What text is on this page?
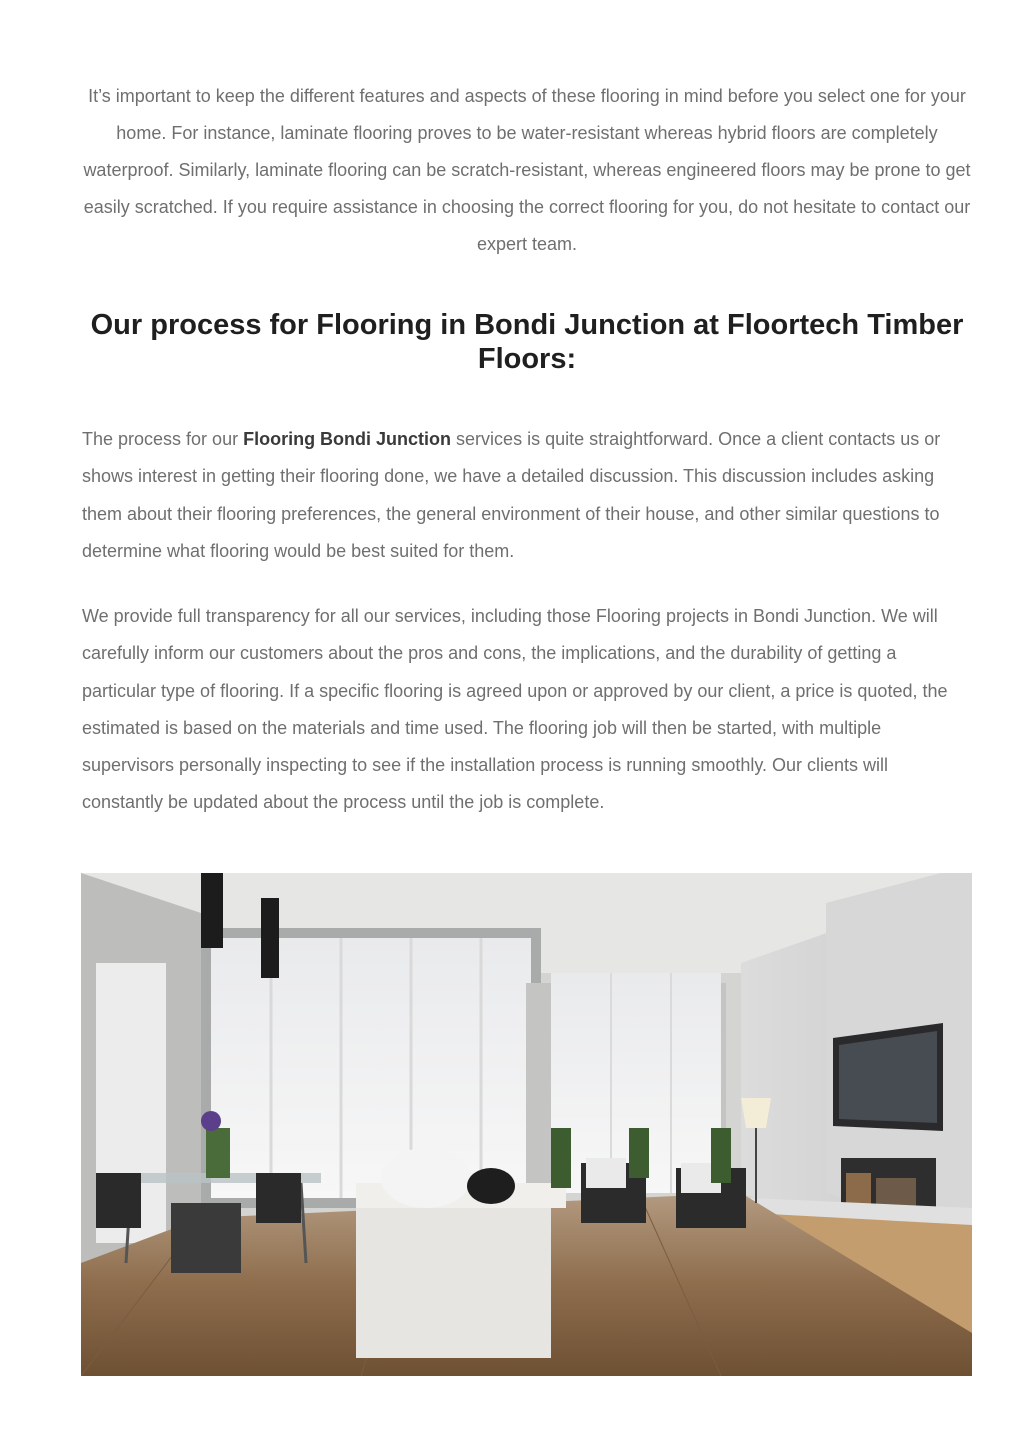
It’s important to keep the different features and aspects of these flooring in mind before you select one for your home. For instance, laminate flooring proves to be water-resistant whereas hybrid floors are completely waterproof. Similarly, laminate flooring can be scratch-resistant, whereas engineered floors may be prone to get easily scratched. If you require assistance in choosing the correct flooring for you, do not hesitate to contact our expert team.

Our process for Flooring in Bondi Junction at Floortech Timber Floors:

The process for our Flooring Bondi Junction services is quite straightforward. Once a client contacts us or shows interest in getting their flooring done, we have a detailed discussion. This discussion includes asking them about their flooring preferences, the general environment of their house, and other similar questions to determine what flooring would be best suited for them.

We provide full transparency for all our services, including those Flooring projects in Bondi Junction. We will carefully inform our customers about the pros and cons, the implications, and the durability of getting a particular type of flooring. If a specific flooring is agreed upon or approved by our client, a price is quoted, the estimated is based on the materials and time used. The flooring job will then be started, with multiple supervisors personally inspecting to see if the installation process is running smoothly. Our clients will constantly be updated about the process until the job is complete.
